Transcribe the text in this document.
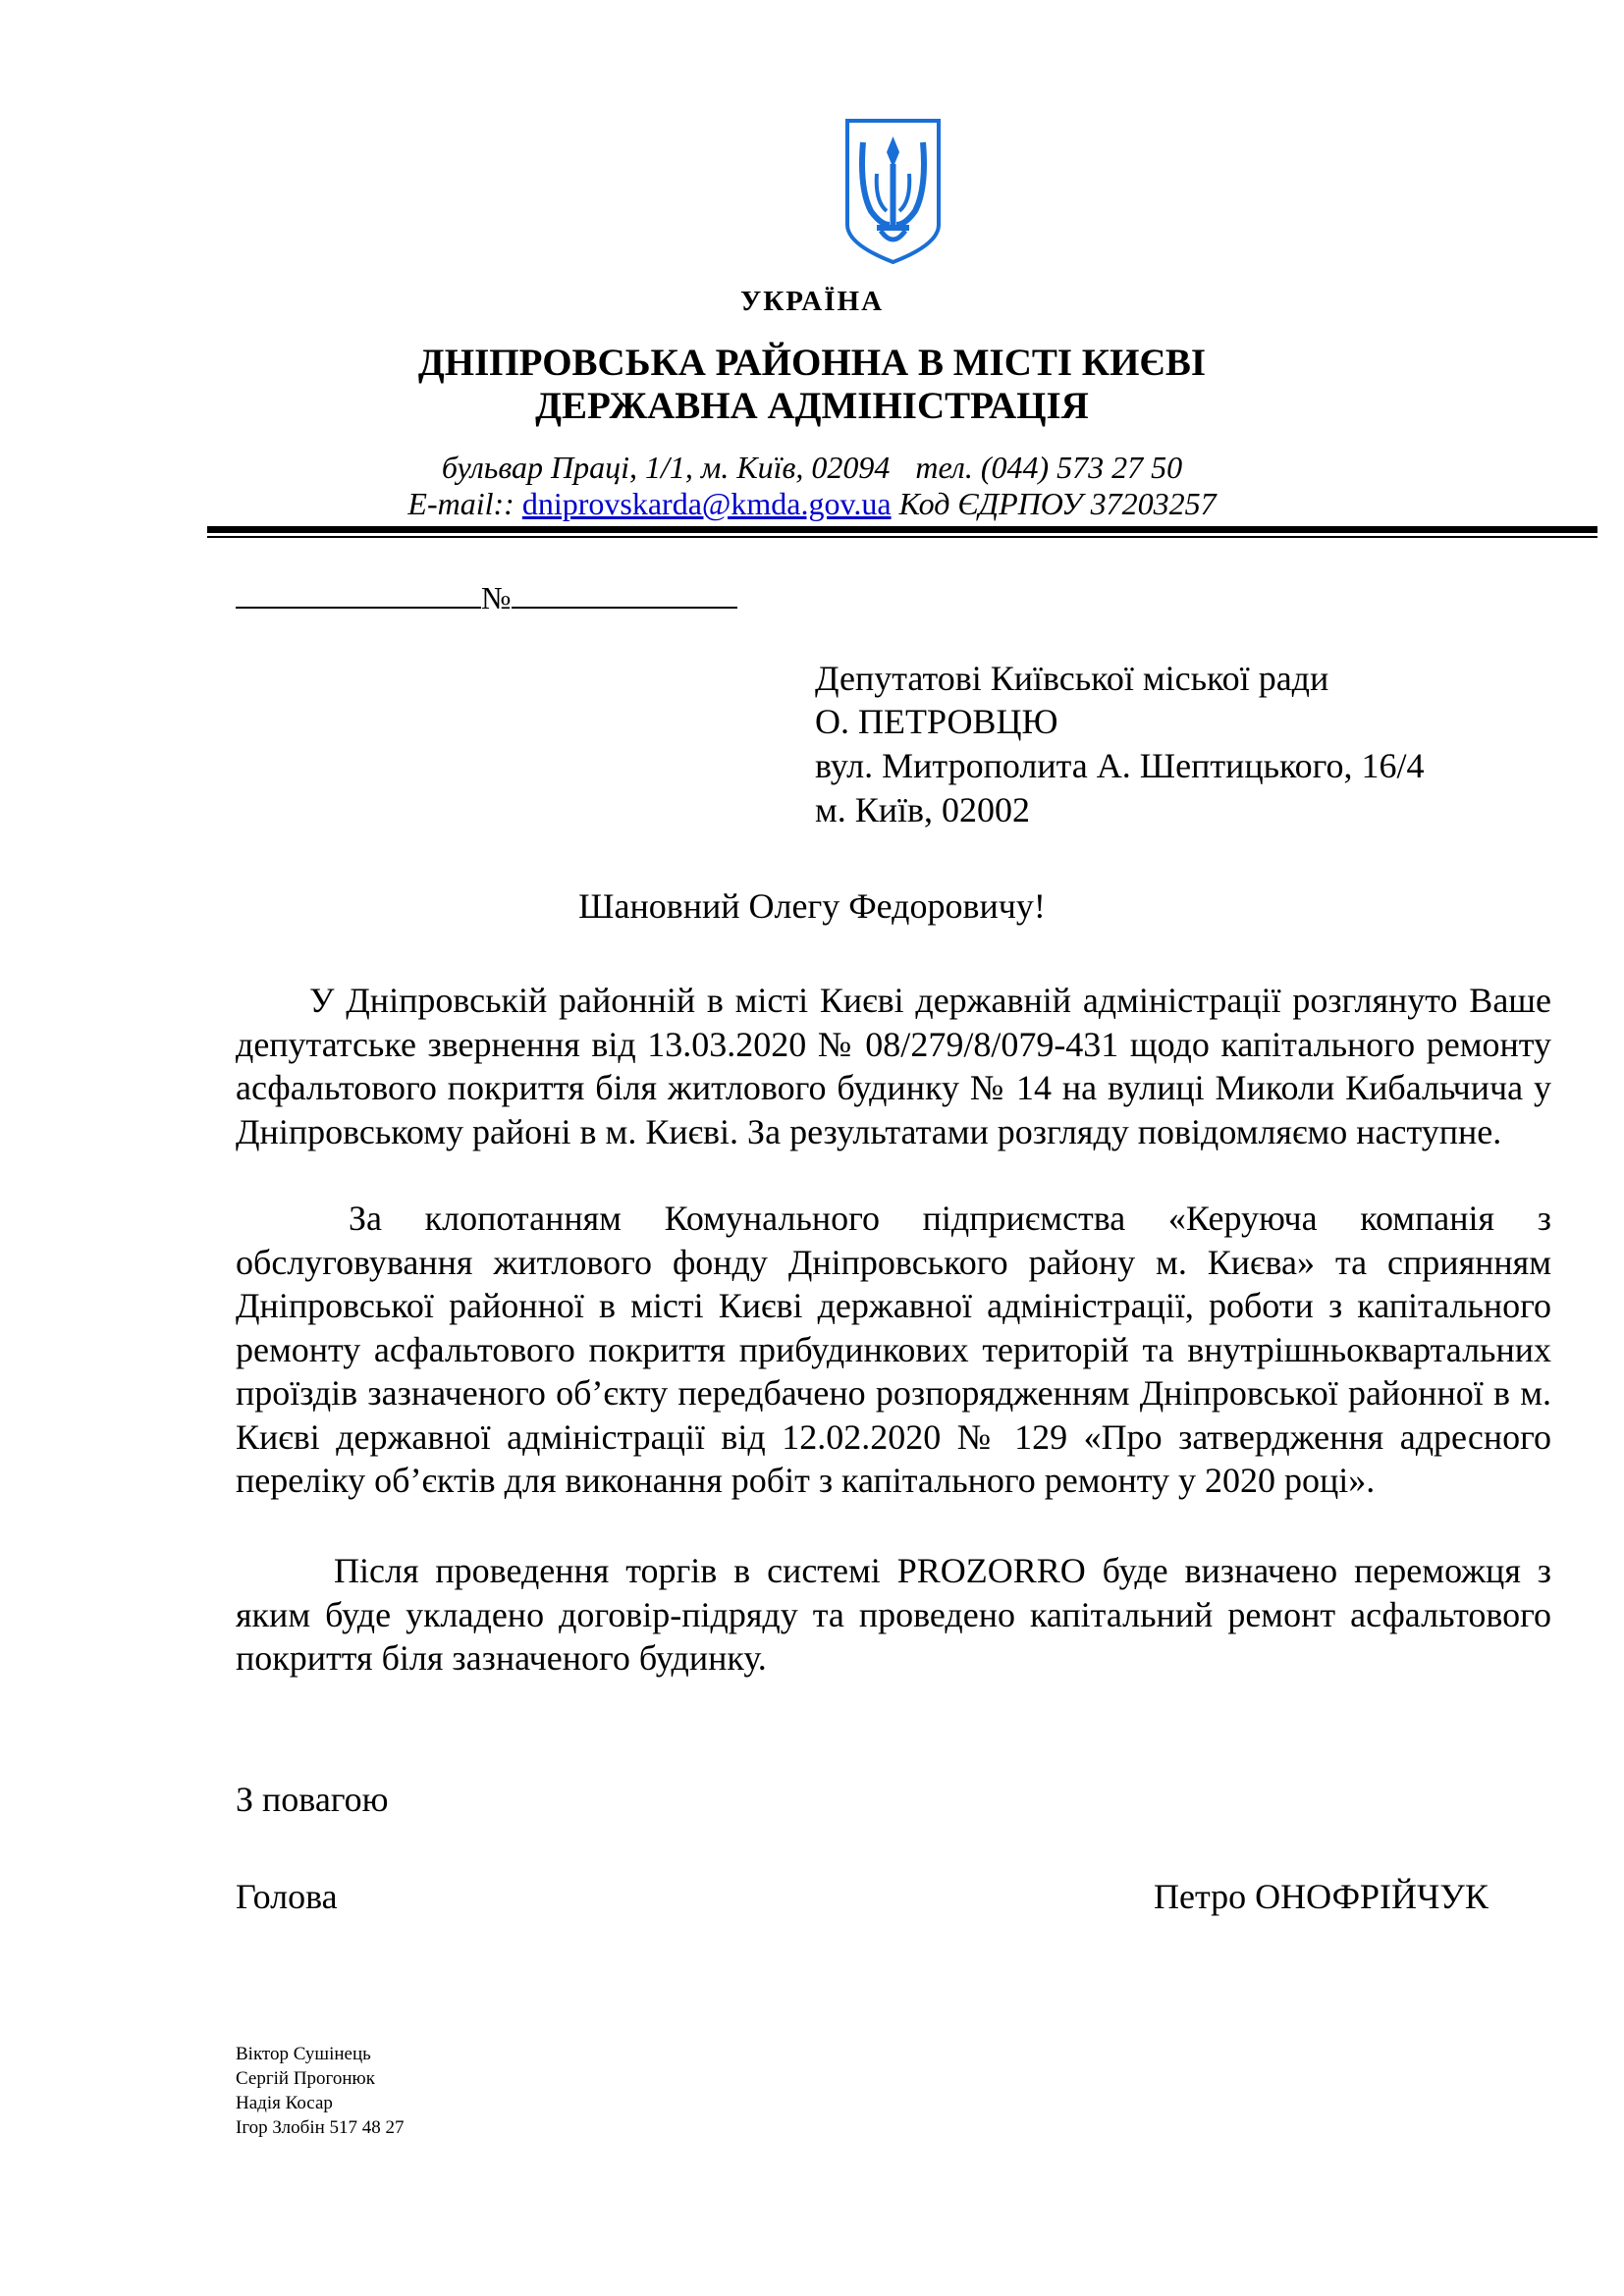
УКРАЇНА
ДНІПРОВСЬКА РАЙОННА В МІСТІ КИЄВІ
ДЕРЖАВНА АДМІНІСТРАЦІЯ
бульвар Праці, 1/1, м. Київ, 02094 тел. (044) 573 27 50
E-mail:: dniprovskarda@kmda.gov.ua Код ЄДРПОУ 37203257
№
Депутатові Київської міської ради
О. ПЕТРОВЦЮ
вул. Митрополита А. Шептицького, 16/4
м. Київ, 02002
Шановний Олегу Федоровичу!
У Дніпровській районній в місті Києві державній адміністрації розглянуто Ваше депутатське звернення від 13.03.2020 № 08/279/8/079-431 щодо капітального ремонту асфальтового покриття біля житлового будинку № 14 на вулиці Миколи Кибальчича у Дніпровському районі в м. Києві. За результатами розгляду повідомляємо наступне.
За клопотанням Комунального підприємства «Керуюча компанія з обслуговування житлового фонду Дніпровського району м. Києва» та сприянням Дніпровської районної в місті Києві державної адміністрації, роботи з капітального ремонту асфальтового покриття прибудинкових територій та внутрішньоквартальних проїздів зазначеного об’єкту передбачено розпорядженням Дніпровської районної в м. Києві державної адміністрації від 12.02.2020 № 129 «Про затвердження адресного переліку об’єктів для виконання робіт з капітального ремонту у 2020 році».
Після проведення торгів в системі PROZORRO буде визначено переможця з яким буде укладено договір-підряду та проведено капітальний ремонт асфальтового покриття біля зазначеного будинку.
З повагою
Голова	Петро ОНОФРІЙЧУК
Віктор Сушінець
Сергій Прогонюк
Надія Косар
Ігор Злобін 517 48 27
